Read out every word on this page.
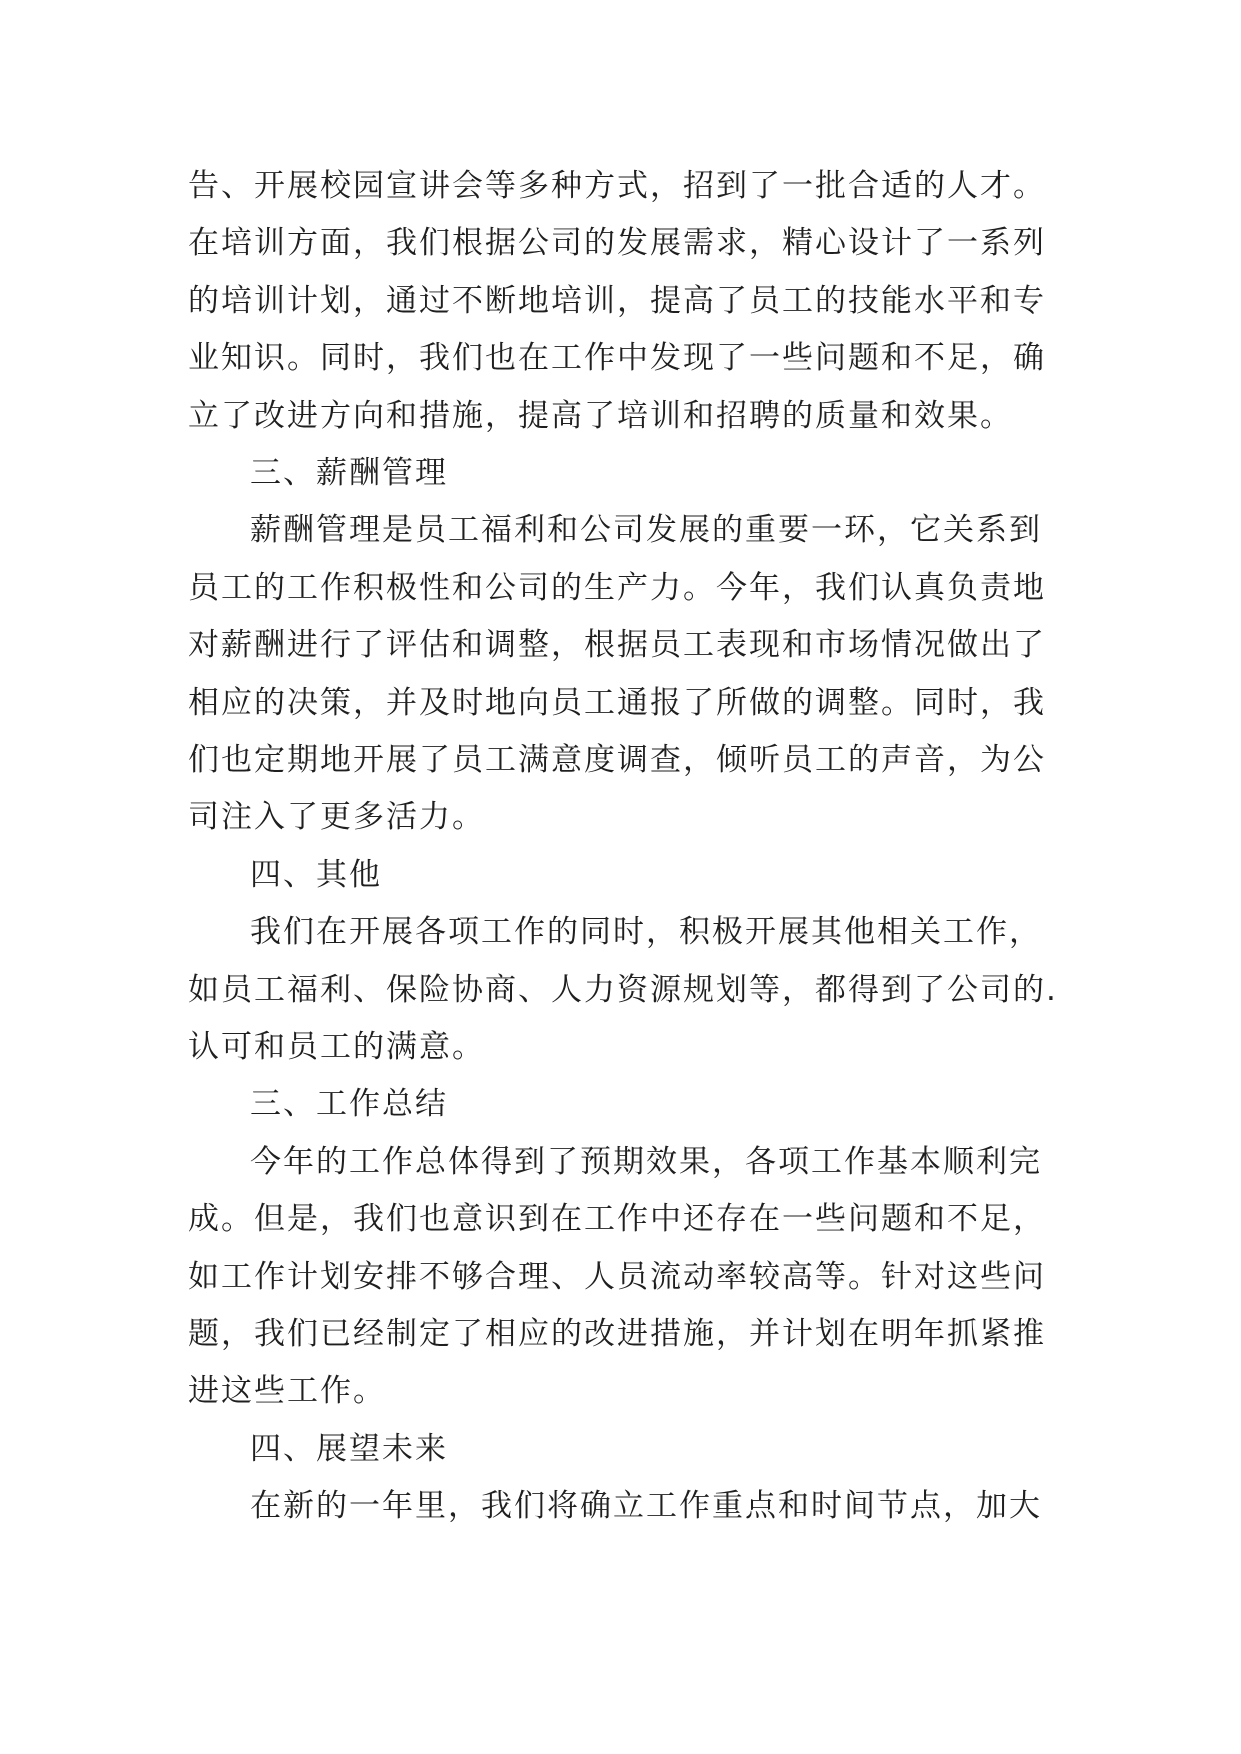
告、开展校园宣讲会等多种方式，招到了一批合适的人才。
在培训方面，我们根据公司的发展需求，精心设计了一系列
的培训计划，通过不断地培训，提高了员工的技能水平和专
业知识。同时，我们也在工作中发现了一些问题和不足，确
立了改进方向和措施，提高了培训和招聘的质量和效果。
三、薪酬管理
薪酬管理是员工福利和公司发展的重要一环，它关系到
员工的工作积极性和公司的生产力。今年，我们认真负责地
对薪酬进行了评估和调整，根据员工表现和市场情况做出了
相应的决策，并及时地向员工通报了所做的调整。同时，我
们也定期地开展了员工满意度调查，倾听员工的声音，为公
司注入了更多活力。
四、其他
我们在开展各项工作的同时，积极开展其他相关工作，
如员工福利、保险协商、人力资源规划等，都得到了公司的.
认可和员工的满意。
三、工作总结
今年的工作总体得到了预期效果，各项工作基本顺利完
成。但是，我们也意识到在工作中还存在一些问题和不足，
如工作计划安排不够合理、人员流动率较高等。针对这些问
题，我们已经制定了相应的改进措施，并计划在明年抓紧推
进这些工作。
四、展望未来
在新的一年里，我们将确立工作重点和时间节点，加大
